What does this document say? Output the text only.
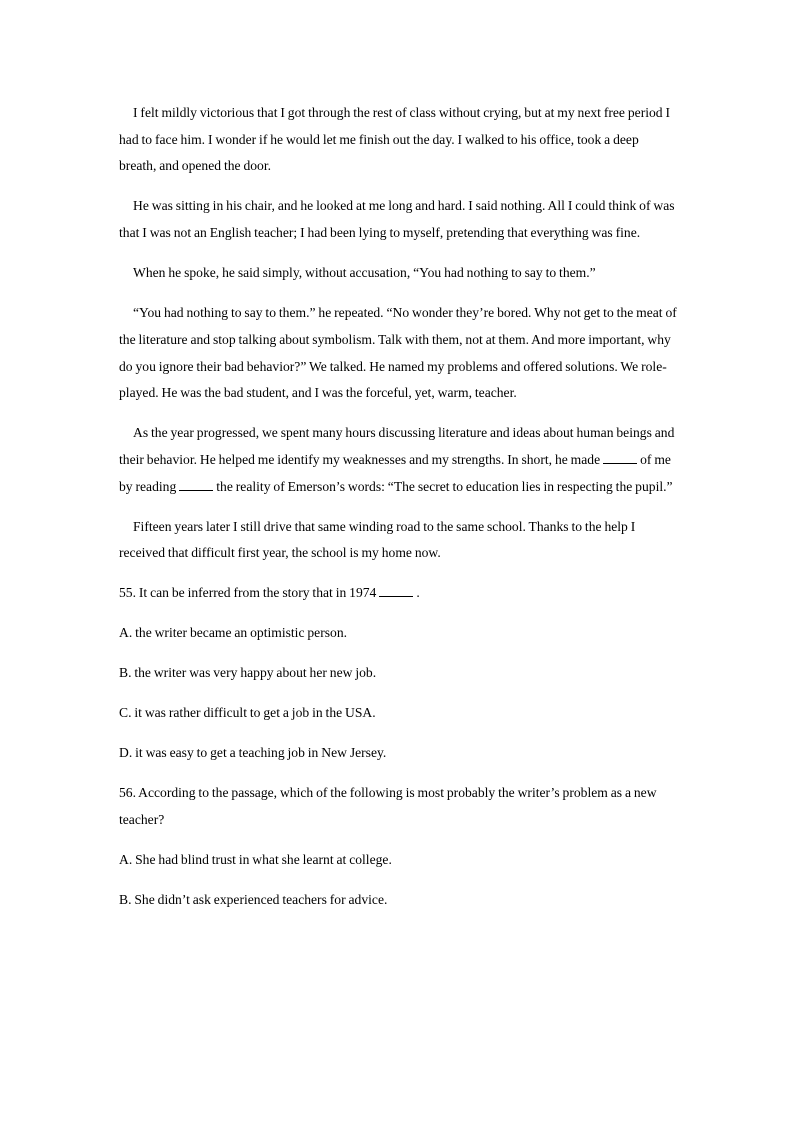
I felt mildly victorious that I got through the rest of class without crying, but at my next free period I had to face him. I wonder if he would let me finish out the day. I walked to his office, took a deep breath, and opened the door.

He was sitting in his chair, and he looked at me long and hard. I said nothing. All I could think of was that I was not an English teacher; I had been lying to myself, pretending that everything was fine.

When he spoke, he said simply, without accusation, “You had nothing to say to them.”

“You had nothing to say to them.” he repeated. “No wonder they’re bored. Why not get to the meat of the literature and stop talking about symbolism. Talk with them, not at them. And more important, why do you ignore their bad behavior?” We talked. He named my problems and offered solutions. We role-played. He was the bad student, and I was the forceful, yet, warm, teacher.

As the year progressed, we spent many hours discussing literature and ideas about human beings and their behavior. He helped me identify my weaknesses and my strengths. In short, he made	of me by reading	the reality of Emerson’s words: “The secret to education lies in respecting the pupil.”

Fifteen years later I still drive that same winding road to the same school. Thanks to the help I received that difficult first year, the school is my home now.

55. It can be inferred from the story that in 1974	.

A. the writer became an optimistic person.

B. the writer was very happy about her new job.

C. it was rather difficult to get a job in the USA.

D. it was easy to get a teaching job in New Jersey.

56. According to the passage, which of the following is most probably the writer’s problem as a new teacher?

A. She had blind trust in what she learnt at college.

B. She didn’t ask experienced teachers for advice.
